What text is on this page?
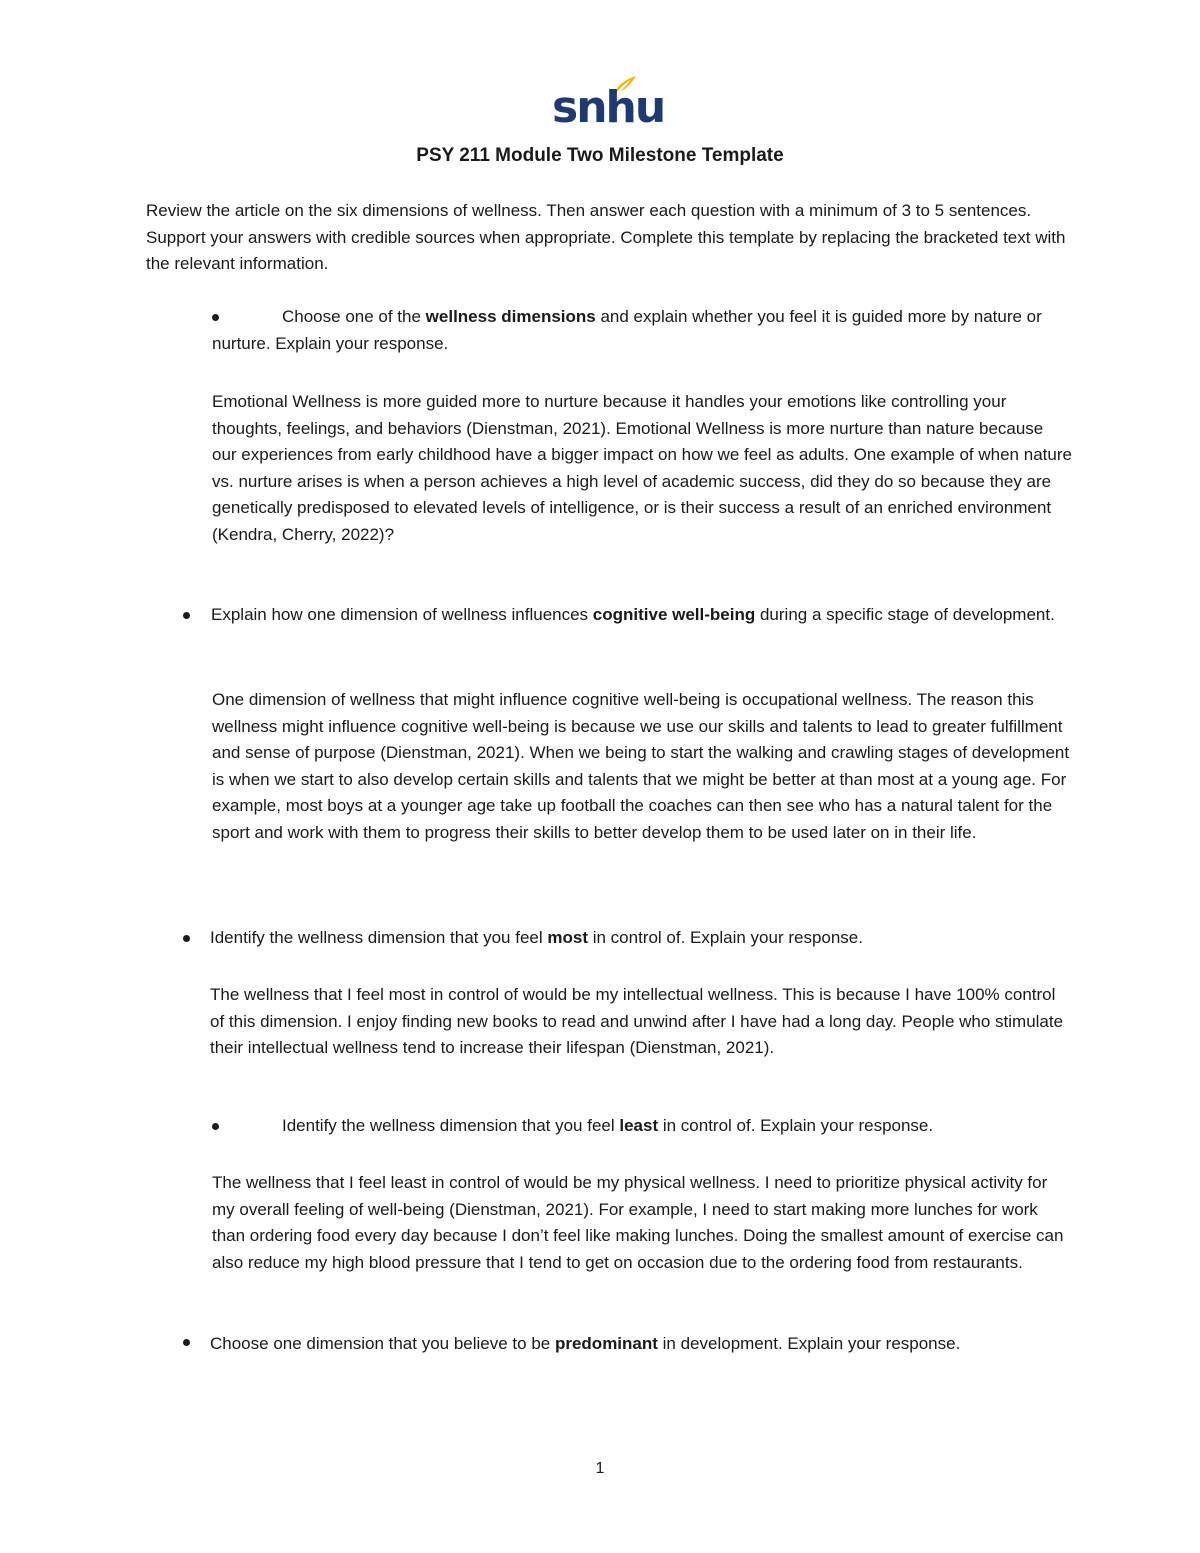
snhu
PSY 211 Module Two Milestone Template
Review the article on the six dimensions of wellness. Then answer each question with a minimum of 3 to 5 sentences. Support your answers with credible sources when appropriate. Complete this template by replacing the bracketed text with the relevant information.
Choose one of the wellness dimensions and explain whether you feel it is guided more by nature or nurture. Explain your response.
Emotional Wellness is more guided more to nurture because it handles your emotions like controlling your thoughts, feelings, and behaviors (Dienstman, 2021). Emotional Wellness is more nurture than nature because our experiences from early childhood have a bigger impact on how we feel as adults. One example of when nature vs. nurture arises is when a person achieves a high level of academic success, did they do so because they are genetically predisposed to elevated levels of intelligence, or is their success a result of an enriched environment (Kendra, Cherry, 2022)?
Explain how one dimension of wellness influences cognitive well-being during a specific stage of development.
One dimension of wellness that might influence cognitive well-being is occupational wellness. The reason this wellness might influence cognitive well-being is because we use our skills and talents to lead to greater fulfillment and sense of purpose (Dienstman, 2021). When we being to start the walking and crawling stages of development is when we start to also develop certain skills and talents that we might be better at than most at a young age. For example, most boys at a younger age take up football the coaches can then see who has a natural talent for the sport and work with them to progress their skills to better develop them to be used later on in their life.
Identify the wellness dimension that you feel most in control of. Explain your response.
The wellness that I feel most in control of would be my intellectual wellness. This is because I have 100% control of this dimension. I enjoy finding new books to read and unwind after I have had a long day. People who stimulate their intellectual wellness tend to increase their lifespan (Dienstman, 2021).
Identify the wellness dimension that you feel least in control of. Explain your response.
The wellness that I feel least in control of would be my physical wellness. I need to prioritize physical activity for my overall feeling of well-being (Dienstman, 2021). For example, I need to start making more lunches for work than ordering food every day because I don’t feel like making lunches. Doing the smallest amount of exercise can also reduce my high blood pressure that I tend to get on occasion due to the ordering food from restaurants.
Choose one dimension that you believe to be predominant in development. Explain your response.
1
